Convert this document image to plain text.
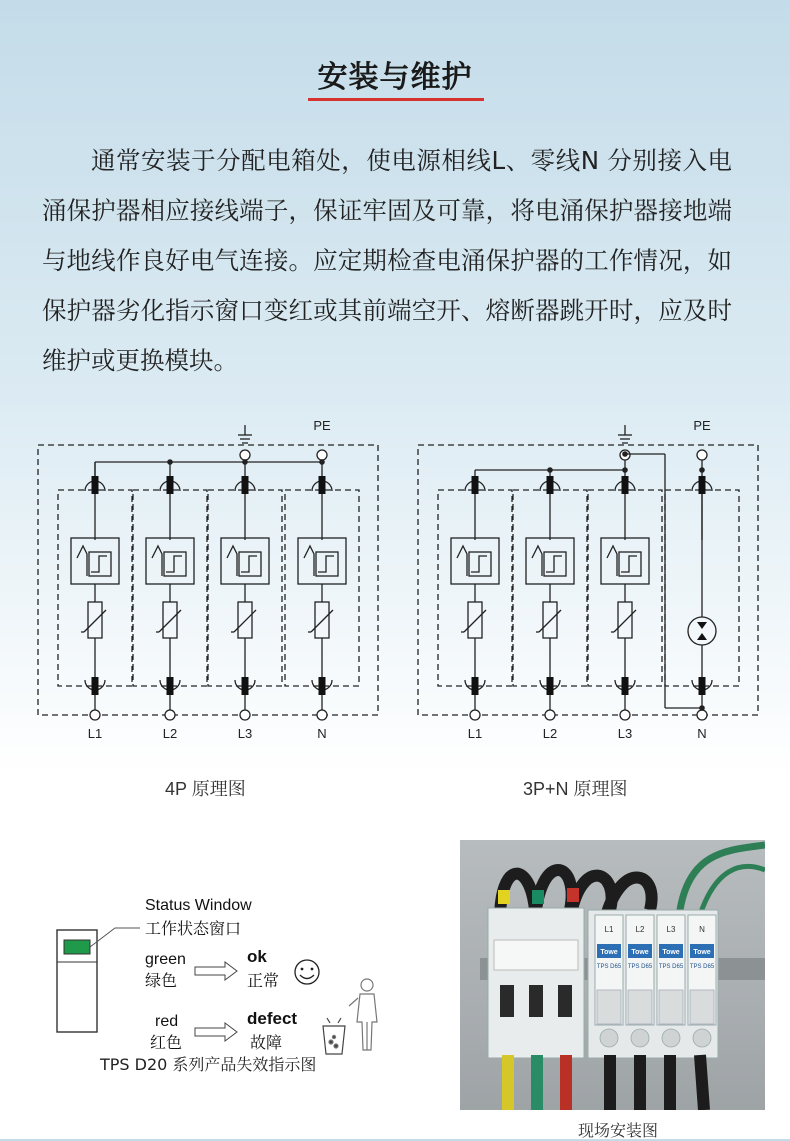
安装与维护

通常安装于分配电箱处，使电源相线L、零线N 分别接入电涌保护器相应接线端子，保证牢固及可靠，将电涌保护器接地端与地线作良好电气连接。应定期检查电涌保护器的工作情况，如保护器劣化指示窗口变红或其前端空开、熔断器跳开时，应及时维护或更换模块。

PE
L1	L2	L3	N
4P 原理图
PE
L1	L2	L3	N
3P+N 原理图
Status Window
工作状态窗口
green
绿色
ok
正常
red
红色
defect
故障
TPS D20 系列产品失效指示图
L1
Towe
TPS D65
L2
Towe
TPS D65
L3
Towe
TPS D65
N
Towe
TPS D65
现场安装图
